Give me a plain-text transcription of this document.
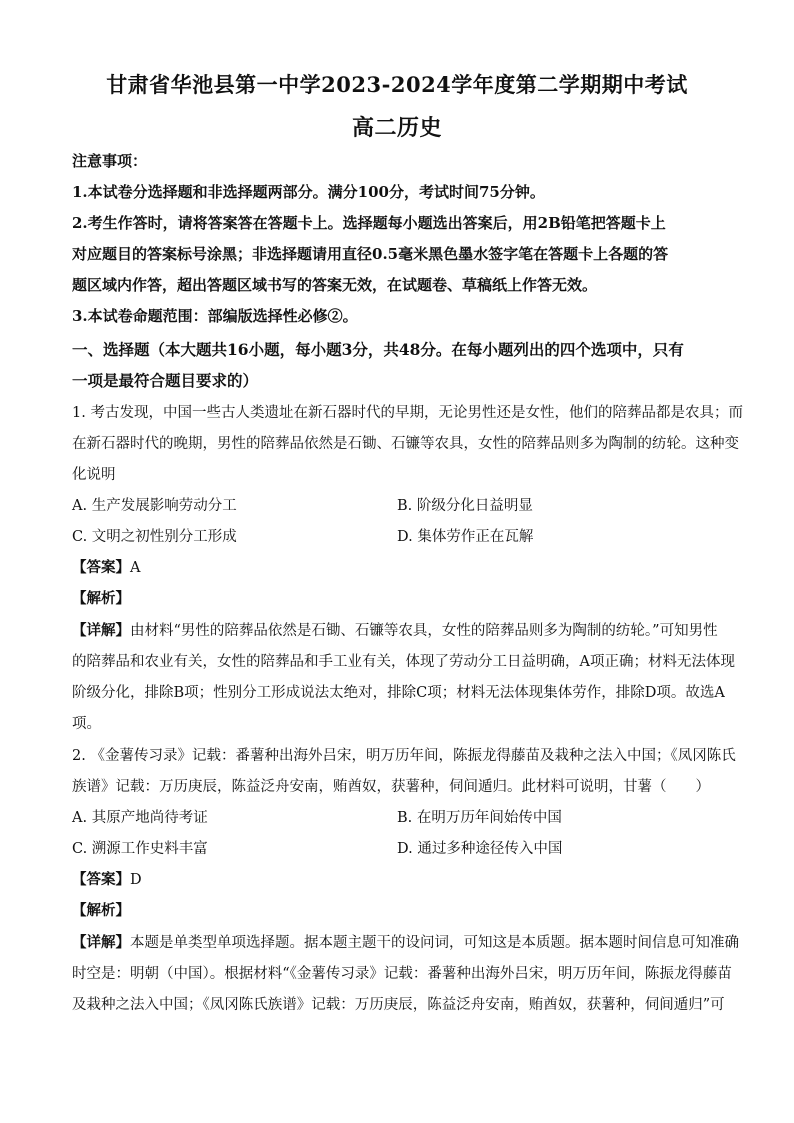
甘肃省华池县第一中学2023-2024学年度第二学期期中考试
高二历史
注意事项：
1.本试卷分选择题和非选择题两部分。满分100分，考试时间75分钟。
2.考生作答时，请将答案答在答题卡上。选择题每小题选出答案后，用2B铅笔把答题卡上
对应题目的答案标号涂黑；非选择题请用直径0.5毫米黑色墨水签字笔在答题卡上各题的答
题区域内作答，超出答题区域书写的答案无效，在试题卷、草稿纸上作答无效。
3.本试卷命题范围：部编版选择性必修②。
一、选择题（本大题共16小题，每小题3分，共48分。在每小题列出的四个选项中，只有
一项是最符合题目要求的）
1. 考古发现，中国一些古人类遗址在新石器时代的早期，无论男性还是女性，他们的陪葬品都是农具；而
在新石器时代的晚期，男性的陪葬品依然是石锄、石镰等农具，女性的陪葬品则多为陶制的纺轮。这种变
化说明
A. 生产发展影响劳动分工	B. 阶级分化日益明显
C. 文明之初性别分工形成	D. 集体劳作正在瓦解
【答案】A
【解析】
【详解】由材料“男性的陪葬品依然是石锄、石镰等农具，女性的陪葬品则多为陶制的纺轮。”可知男性
的陪葬品和农业有关，女性的陪葬品和手工业有关，体现了劳动分工日益明确，A项正确；材料无法体现
阶级分化，排除B项；性别分工形成说法太绝对，排除C项；材料无法体现集体劳作，排除D项。故选A
项。
2. 《金薯传习录》记载：番薯种出海外吕宋，明万历年间，陈振龙得藤苗及栽种之法入中国；《凤冈陈氏
族谱》记载：万历庚辰，陈益泛舟安南，贿酋奴，获薯种，伺间遁归。此材料可说明，甘薯（　　）
A. 其原产地尚待考证	B. 在明万历年间始传中国
C. 溯源工作史料丰富	D. 通过多种途径传入中国
【答案】D
【解析】
【详解】本题是单类型单项选择题。据本题主题干的设问词，可知这是本质题。据本题时间信息可知准确
时空是：明朝（中国）。根据材料“《金薯传习录》记载：番薯种出海外吕宋，明万历年间，陈振龙得藤苗
及栽种之法入中国；《凤冈陈氏族谱》记载：万历庚辰，陈益泛舟安南，贿酋奴，获薯种，伺间遁归”可
